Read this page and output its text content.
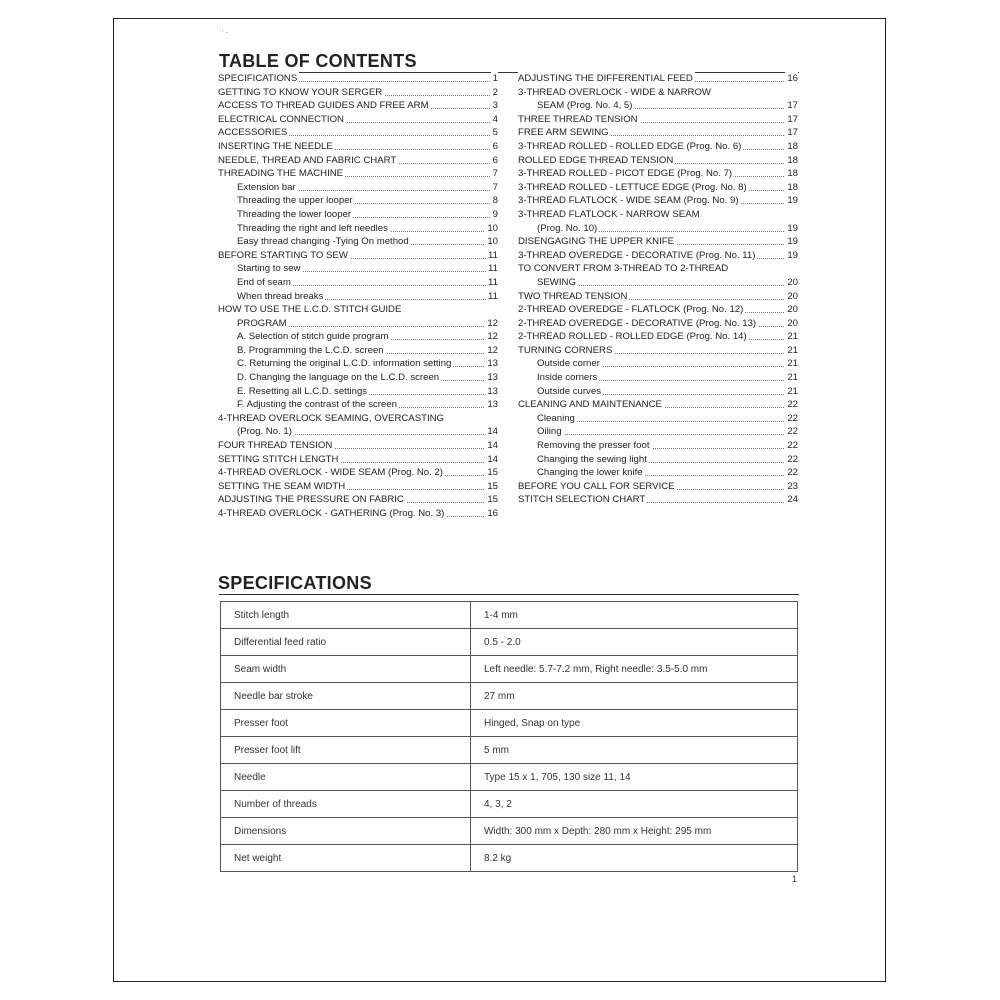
· .
TABLE OF CONTENTS
SPECIFICATIONS	1
GETTING TO KNOW YOUR SERGER	2
ACCESS TO THREAD GUIDES AND FREE ARM	3
ELECTRICAL CONNECTION	4
ACCESSORIES	5
INSERTING THE NEEDLE	6
NEEDLE, THREAD AND FABRIC CHART	6
THREADING THE MACHINE	7
Extension bar	7
Threading the upper looper	8
Threading the lower looper	9
Threading the right and left needles	10
Easy thread changing -Tying On method	10
BEFORE STARTING TO SEW	11
Starting to sew	11
End of seam	11
When thread breaks	11
HOW TO USE THE L.C.D. STITCH GUIDE
PROGRAM	12
A. Selection of stitch guide program	12
B. Programming the L.C.D. screen	12
C. Returning the original L.C.D. information setting	13
D. Changing the language on the L.C.D. screen	13
E. Resetting all L.C.D. settings	13
F. Adjusting the contrast of the screen	13
4-THREAD OVERLOCK SEAMING, OVERCASTING
(Prog. No. 1)	14
FOUR THREAD TENSION	14
SETTING STITCH LENGTH	14
4-THREAD OVERLOCK - WIDE SEAM (Prog. No. 2)	15
SETTING THE SEAM WIDTH	15
ADJUSTING THE PRESSURE ON FABRIC	15
4-THREAD OVERLOCK - GATHERING (Prog. No. 3)	16
ADJUSTING THE DIFFERENTIAL FEED	16
3-THREAD OVERLOCK - WIDE & NARROW
SEAM (Prog. No. 4, 5)	17
THREE THREAD TENSION	17
FREE ARM SEWING	17
3-THREAD ROLLED - ROLLED EDGE (Prog. No. 6)	18
ROLLED EDGE THREAD TENSION	18
3-THREAD ROLLED - PICOT EDGE (Prog. No. 7)	18
3-THREAD ROLLED - LETTUCE EDGE (Prog. No. 8)	18
3-THREAD FLATLOCK - WIDE SEAM (Prog. No. 9)	19
3-THREAD FLATLOCK - NARROW SEAM
(Prog. No. 10)	19
DISENGAGING THE UPPER KNIFE	19
3-THREAD OVEREDGE - DECORATIVE (Prog. No. 11)	19
TO CONVERT FROM 3-THREAD TO 2-THREAD
SEWING	20
TWO THREAD TENSION	20
2-THREAD OVEREDGE - FLATLOCK (Prog. No. 12)	20
2-THREAD OVEREDGE - DECORATIVE (Prog. No. 13)	20
2-THREAD ROLLED - ROLLED EDGE (Prog. No. 14)	21
TURNING CORNERS	21
Outside corner	21
Inside corners	21
Outside curves	21
CLEANING AND MAINTENANCE	22
Cleaning	22
Oiling	22
Removing the presser foot	22
Changing the sewing light	22
Changing the lower knife	22
BEFORE YOU CALL FOR SERVICE	23
STITCH SELECTION CHART	24
SPECIFICATIONS
Stitch length	1-4 mm
Differential feed ratio	0.5 - 2.0
Seam width	Left needle: 5.7-7.2 mm, Right needle: 3.5-5.0 mm
Needle bar stroke	27 mm
Presser foot	Hinged, Snap on type
Presser foot lift	5 mm
Needle	Type 15 x 1, 705, 130 size 11, 14
Number of threads	4, 3, 2
Dimensions	Width: 300 mm x Depth: 280 mm x Height: 295 mm
Net weight	8.2 kg
1
